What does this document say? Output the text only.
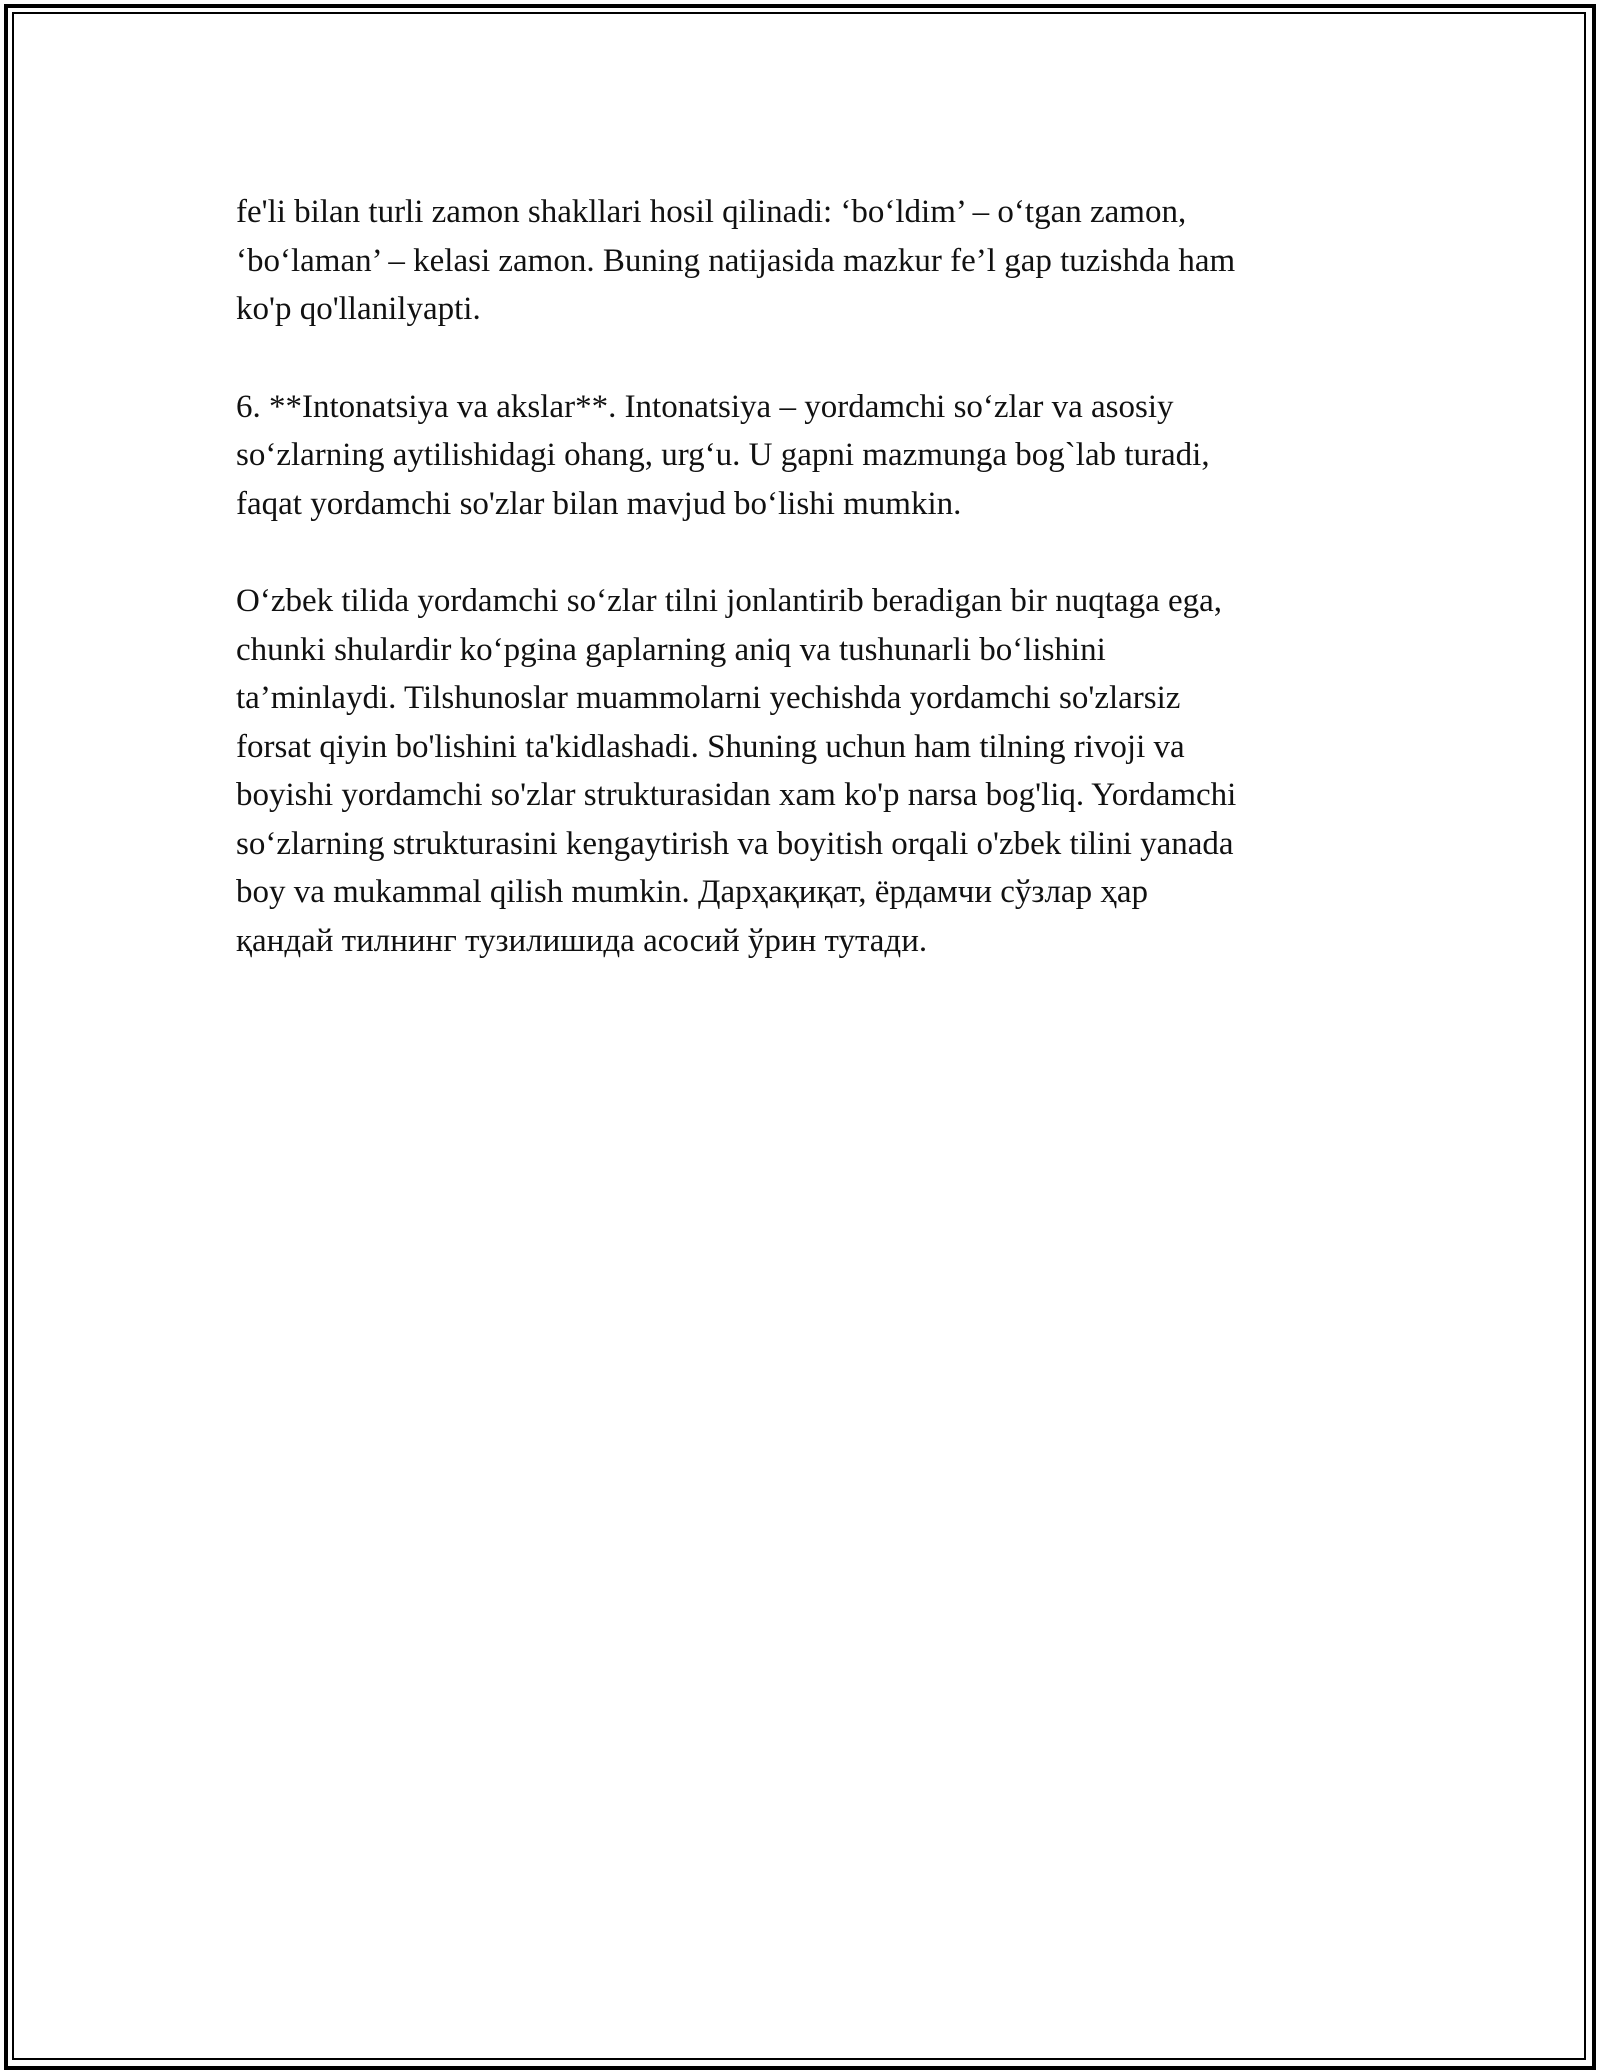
fe'li bilan turli zamon shakllari hosil qilinadi: ‘bo‘ldim’ – o‘tgan zamon,
‘bo‘laman’ – kelasi zamon. Buning natijasida mazkur fe’l gap tuzishda ham
ko'p qo'llanilyapti.

6. **Intonatsiya va akslar**. Intonatsiya – yordamchi so‘zlar va asosiy
so‘zlarning aytilishidagi ohang, urg‘u. U gapni mazmunga bog`lab turadi,
faqat yordamchi so'zlar bilan mavjud bo‘lishi mumkin.

O‘zbek tilida yordamchi so‘zlar tilni jonlantirib beradigan bir nuqtaga ega,
chunki shulardir ko‘pgina gaplarning aniq va tushunarli bo‘lishini
ta’minlaydi. Tilshunoslar muammolarni yechishda yordamchi so'zlarsiz
forsat qiyin bo'lishini ta'kidlashadi. Shuning uchun ham tilning rivoji va
boyishi yordamchi so'zlar strukturasidan xam ko'p narsa bog'liq. Yordamchi
so‘zlarning strukturasini kengaytirish va boyitish orqali o'zbek tilini yanada
boy va mukammal qilish mumkin. Дарҳақиқат, ёрдамчи сўзлар ҳар
қандай тилнинг тузилишида асосий ўрин тутади.
